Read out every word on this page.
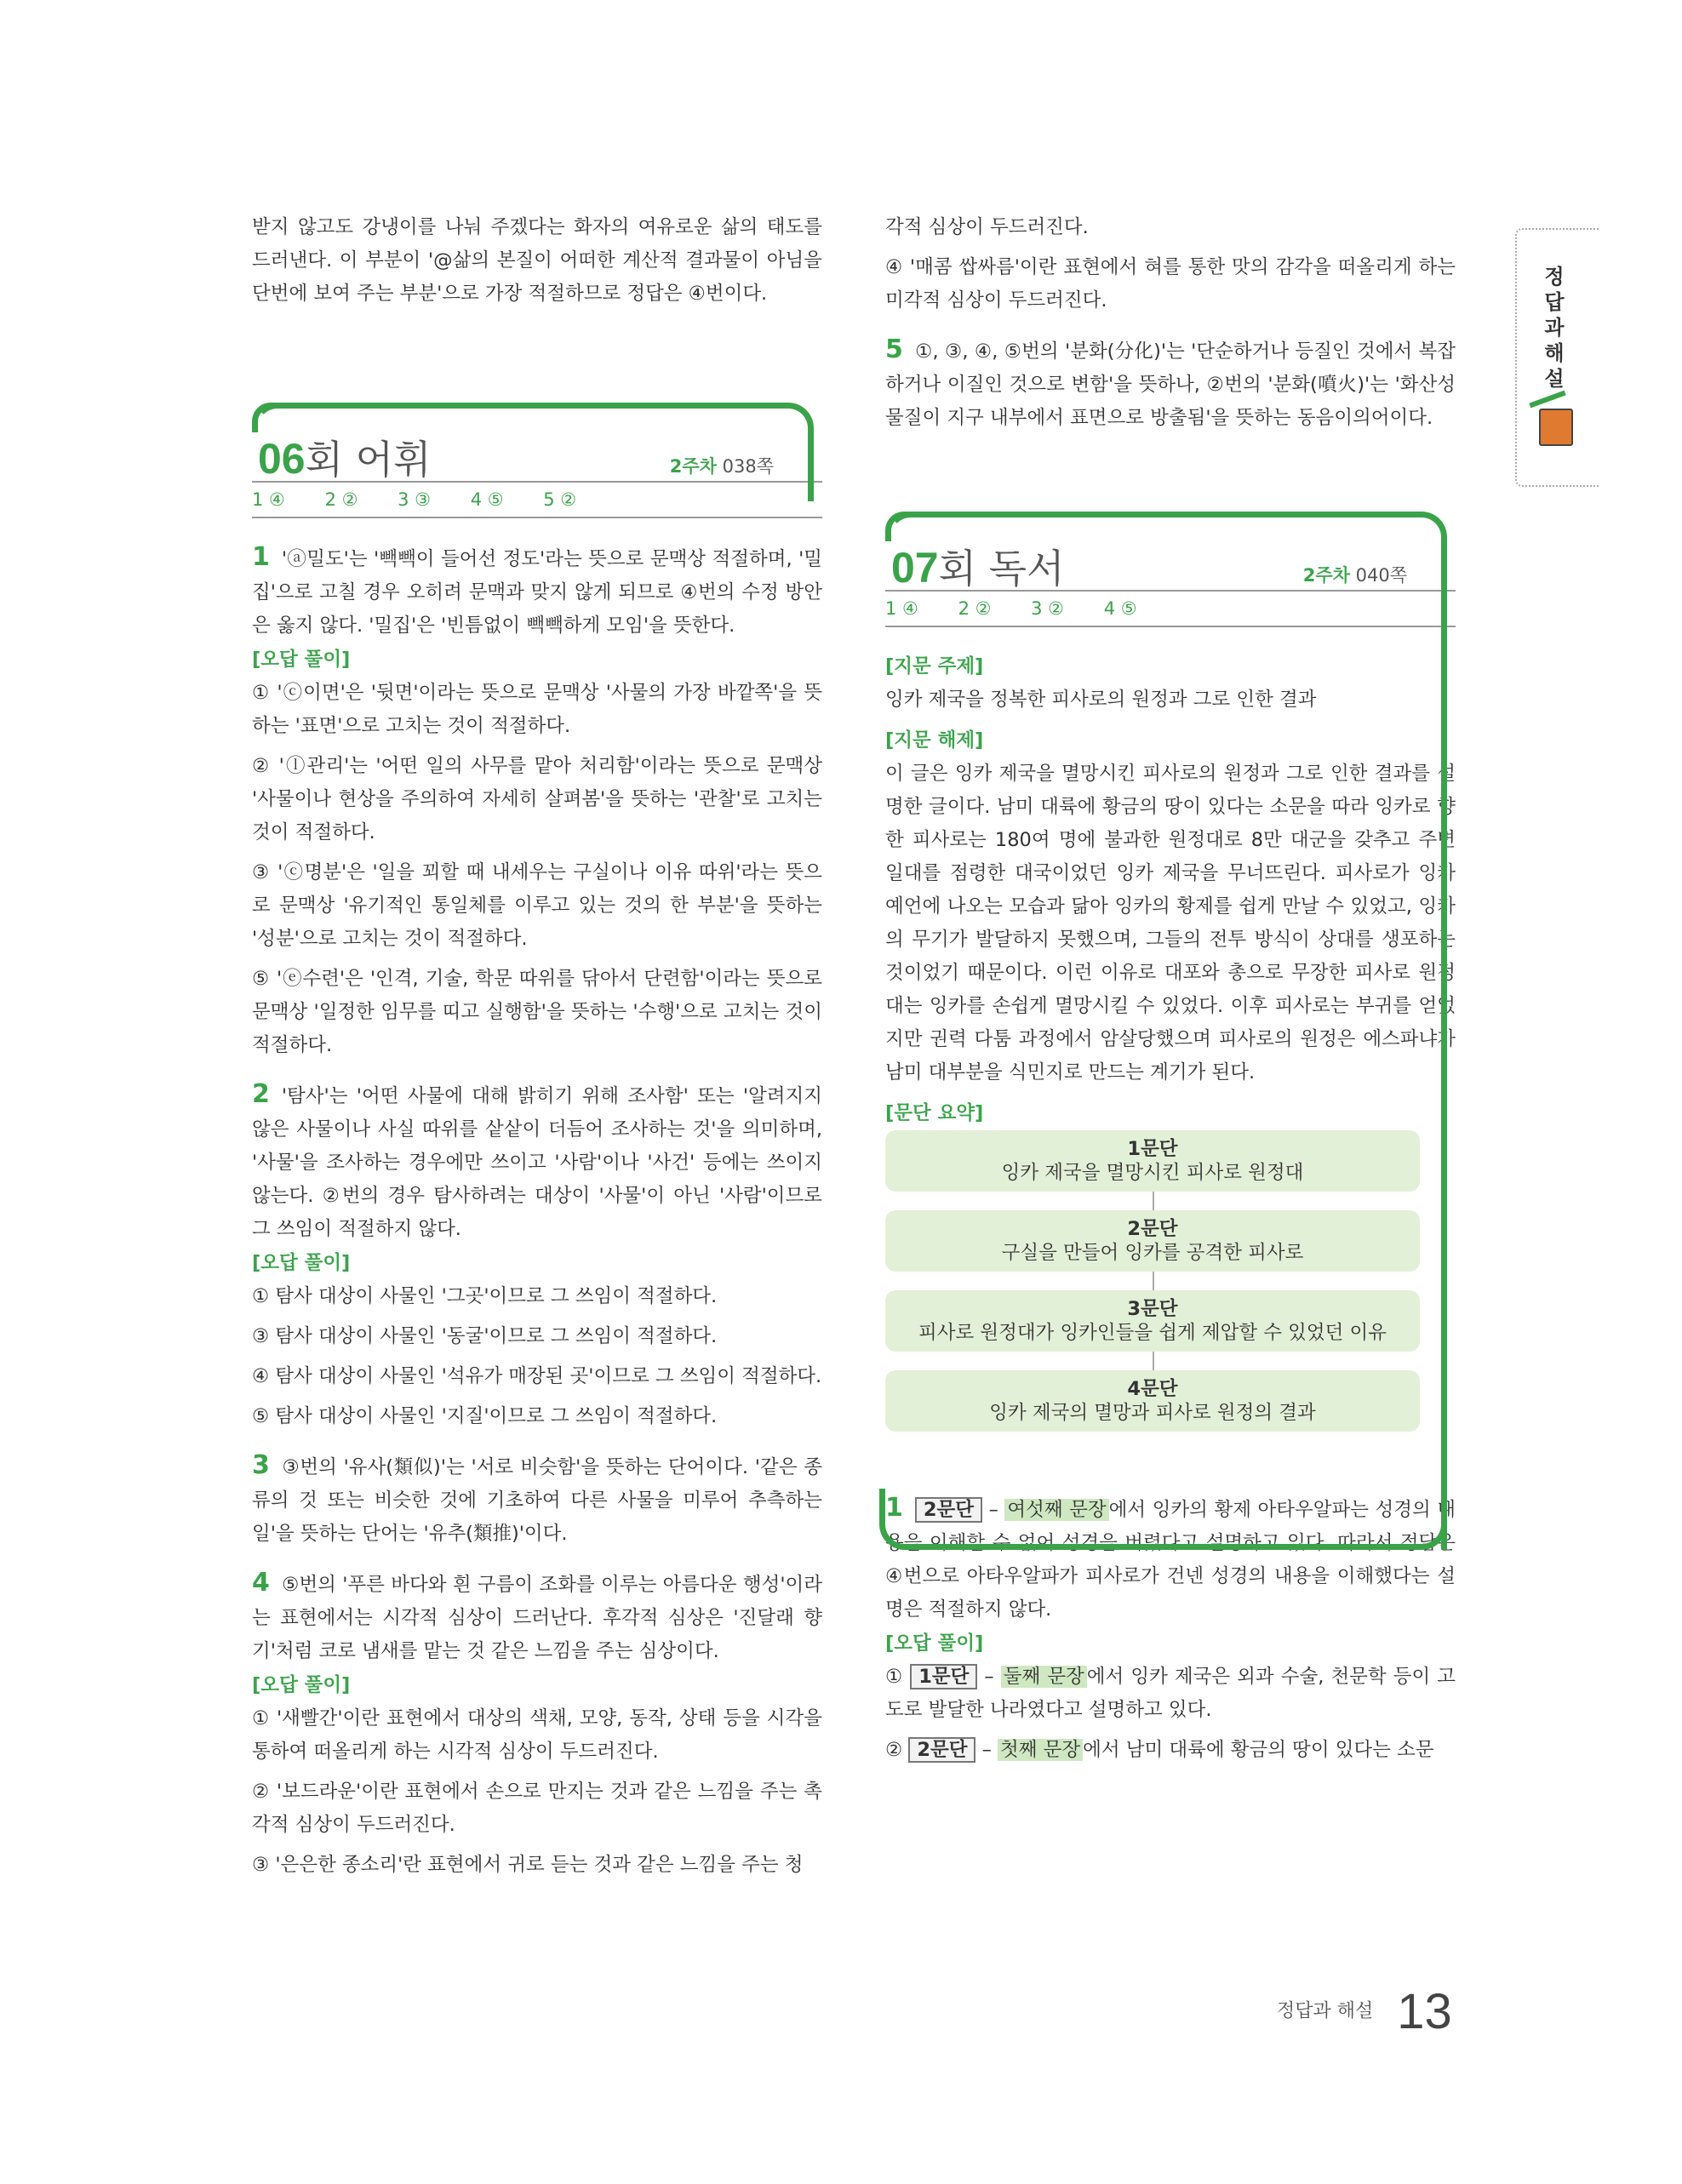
받지 않고도 강냉이를 나눠 주겠다는 화자의 여유로운 삶의 태도를 드러낸다. 이 부분이 '@삶의 본질이 어떠한 계산적 결과물이 아님을 단번에 보여 주는 부분'으로 가장 적절하므로 정답은 ④번이다.

06회 어휘	2주차 038쪽
1 ④ 2 ② 3 ③ 4 ⑤ 5 ②

1 'ⓐ밀도'는 '빽빽이 들어선 정도'라는 뜻으로 문맥상 적절하며, '밀집'으로 고칠 경우 오히려 문맥과 맞지 않게 되므로 ④번의 수정 방안은 옳지 않다. '밀집'은 '빈틈없이 빽빽하게 모임'을 뜻한다.

[오답 풀이]

① 'ⓒ이면'은 '뒷면'이라는 뜻으로 문맥상 '사물의 가장 바깥쪽'을 뜻하는 '표면'으로 고치는 것이 적절하다.

② 'ⓛ관리'는 '어떤 일의 사무를 맡아 처리함'이라는 뜻으로 문맥상 '사물이나 현상을 주의하여 자세히 살펴봄'을 뜻하는 '관찰'로 고치는 것이 적절하다.

③ 'ⓒ명분'은 '일을 꾀할 때 내세우는 구실이나 이유 따위'라는 뜻으로 문맥상 '유기적인 통일체를 이루고 있는 것의 한 부분'을 뜻하는 '성분'으로 고치는 것이 적절하다.

⑤ 'ⓔ수련'은 '인격, 기술, 학문 따위를 닦아서 단련함'이라는 뜻으로 문맥상 '일정한 임무를 띠고 실행함'을 뜻하는 '수행'으로 고치는 것이 적절하다.

2 '탐사'는 '어떤 사물에 대해 밝히기 위해 조사함' 또는 '알려지지 않은 사물이나 사실 따위를 샅샅이 더듬어 조사하는 것'을 의미하며, '사물'을 조사하는 경우에만 쓰이고 '사람'이나 '사건' 등에는 쓰이지 않는다. ②번의 경우 탐사하려는 대상이 '사물'이 아닌 '사람'이므로 그 쓰임이 적절하지 않다.

[오답 풀이]

① 탐사 대상이 사물인 '그곳'이므로 그 쓰임이 적절하다.

③ 탐사 대상이 사물인 '동굴'이므로 그 쓰임이 적절하다.

④ 탐사 대상이 사물인 '석유가 매장된 곳'이므로 그 쓰임이 적절하다.

⑤ 탐사 대상이 사물인 '지질'이므로 그 쓰임이 적절하다.

3 ③번의 '유사(類似)'는 '서로 비슷함'을 뜻하는 단어이다. '같은 종류의 것 또는 비슷한 것에 기초하여 다른 사물을 미루어 추측하는 일'을 뜻하는 단어는 '유추(類推)'이다.

4 ⑤번의 '푸른 바다와 흰 구름이 조화를 이루는 아름다운 행성'이라는 표현에서는 시각적 심상이 드러난다. 후각적 심상은 '진달래 향기'처럼 코로 냄새를 맡는 것 같은 느낌을 주는 심상이다.

[오답 풀이]

① '새빨간'이란 표현에서 대상의 색채, 모양, 동작, 상태 등을 시각을 통하여 떠올리게 하는 시각적 심상이 두드러진다.

② '보드라운'이란 표현에서 손으로 만지는 것과 같은 느낌을 주는 촉각적 심상이 두드러진다.

③ '은은한 종소리'란 표현에서 귀로 듣는 것과 같은 느낌을 주는 청

각적 심상이 두드러진다.

④ '매콤 쌉싸름'이란 표현에서 혀를 통한 맛의 감각을 떠올리게 하는 미각적 심상이 두드러진다.

5 ①, ③, ④, ⑤번의 '분화(分化)'는 '단순하거나 등질인 것에서 복잡하거나 이질인 것으로 변함'을 뜻하나, ②번의 '분화(噴火)'는 '화산성 물질이 지구 내부에서 표면으로 방출됨'을 뜻하는 동음이의어이다.

07회 독서	2주차 040쪽
1 ④ 2 ② 3 ② 4 ⑤
[지문 주제]

잉카 제국을 정복한 피사로의 원정과 그로 인한 결과

[지문 해제]

이 글은 잉카 제국을 멸망시킨 피사로의 원정과 그로 인한 결과를 설명한 글이다. 남미 대륙에 황금의 땅이 있다는 소문을 따라 잉카로 향한 피사로는 180여 명에 불과한 원정대로 8만 대군을 갖추고 주변 일대를 점령한 대국이었던 잉카 제국을 무너뜨린다. 피사로가 잉카 예언에 나오는 모습과 닮아 잉카의 황제를 쉽게 만날 수 있었고, 잉카의 무기가 발달하지 못했으며, 그들의 전투 방식이 상대를 생포하는 것이었기 때문이다. 이런 이유로 대포와 총으로 무장한 피사로 원정대는 잉카를 손쉽게 멸망시킬 수 있었다. 이후 피사로는 부귀를 얻었지만 권력 다툼 과정에서 암살당했으며 피사로의 원정은 에스파냐가 남미 대부분을 식민지로 만드는 계기가 된다.

[문단 요약]
1문단
잉카 제국을 멸망시킨 피사로 원정대
2문단
구실을 만들어 잉카를 공격한 피사로
3문단
피사로 원정대가 잉카인들을 쉽게 제압할 수 있었던 이유
4문단
잉카 제국의 멸망과 피사로 원정의 결과

1 2문단 – 여섯째 문장 에서 잉카의 황제 아타우알파는 성경의 내용을 이해할 수 없어 성경을 버렸다고 설명하고 있다. 따라서 정답은 ④번으로 아타우알파가 피사로가 건넨 성경의 내용을 이해했다는 설명은 적절하지 않다.

[오답 풀이]

① 1문단 – 둘째 문장 에서 잉카 제국은 외과 수술, 천문학 등이 고도로 발달한 나라였다고 설명하고 있다.

② 2문단 – 첫째 문장 에서 남미 대륙에 황금의 땅이 있다는 소문

정답과해설
정답과 해설 13
